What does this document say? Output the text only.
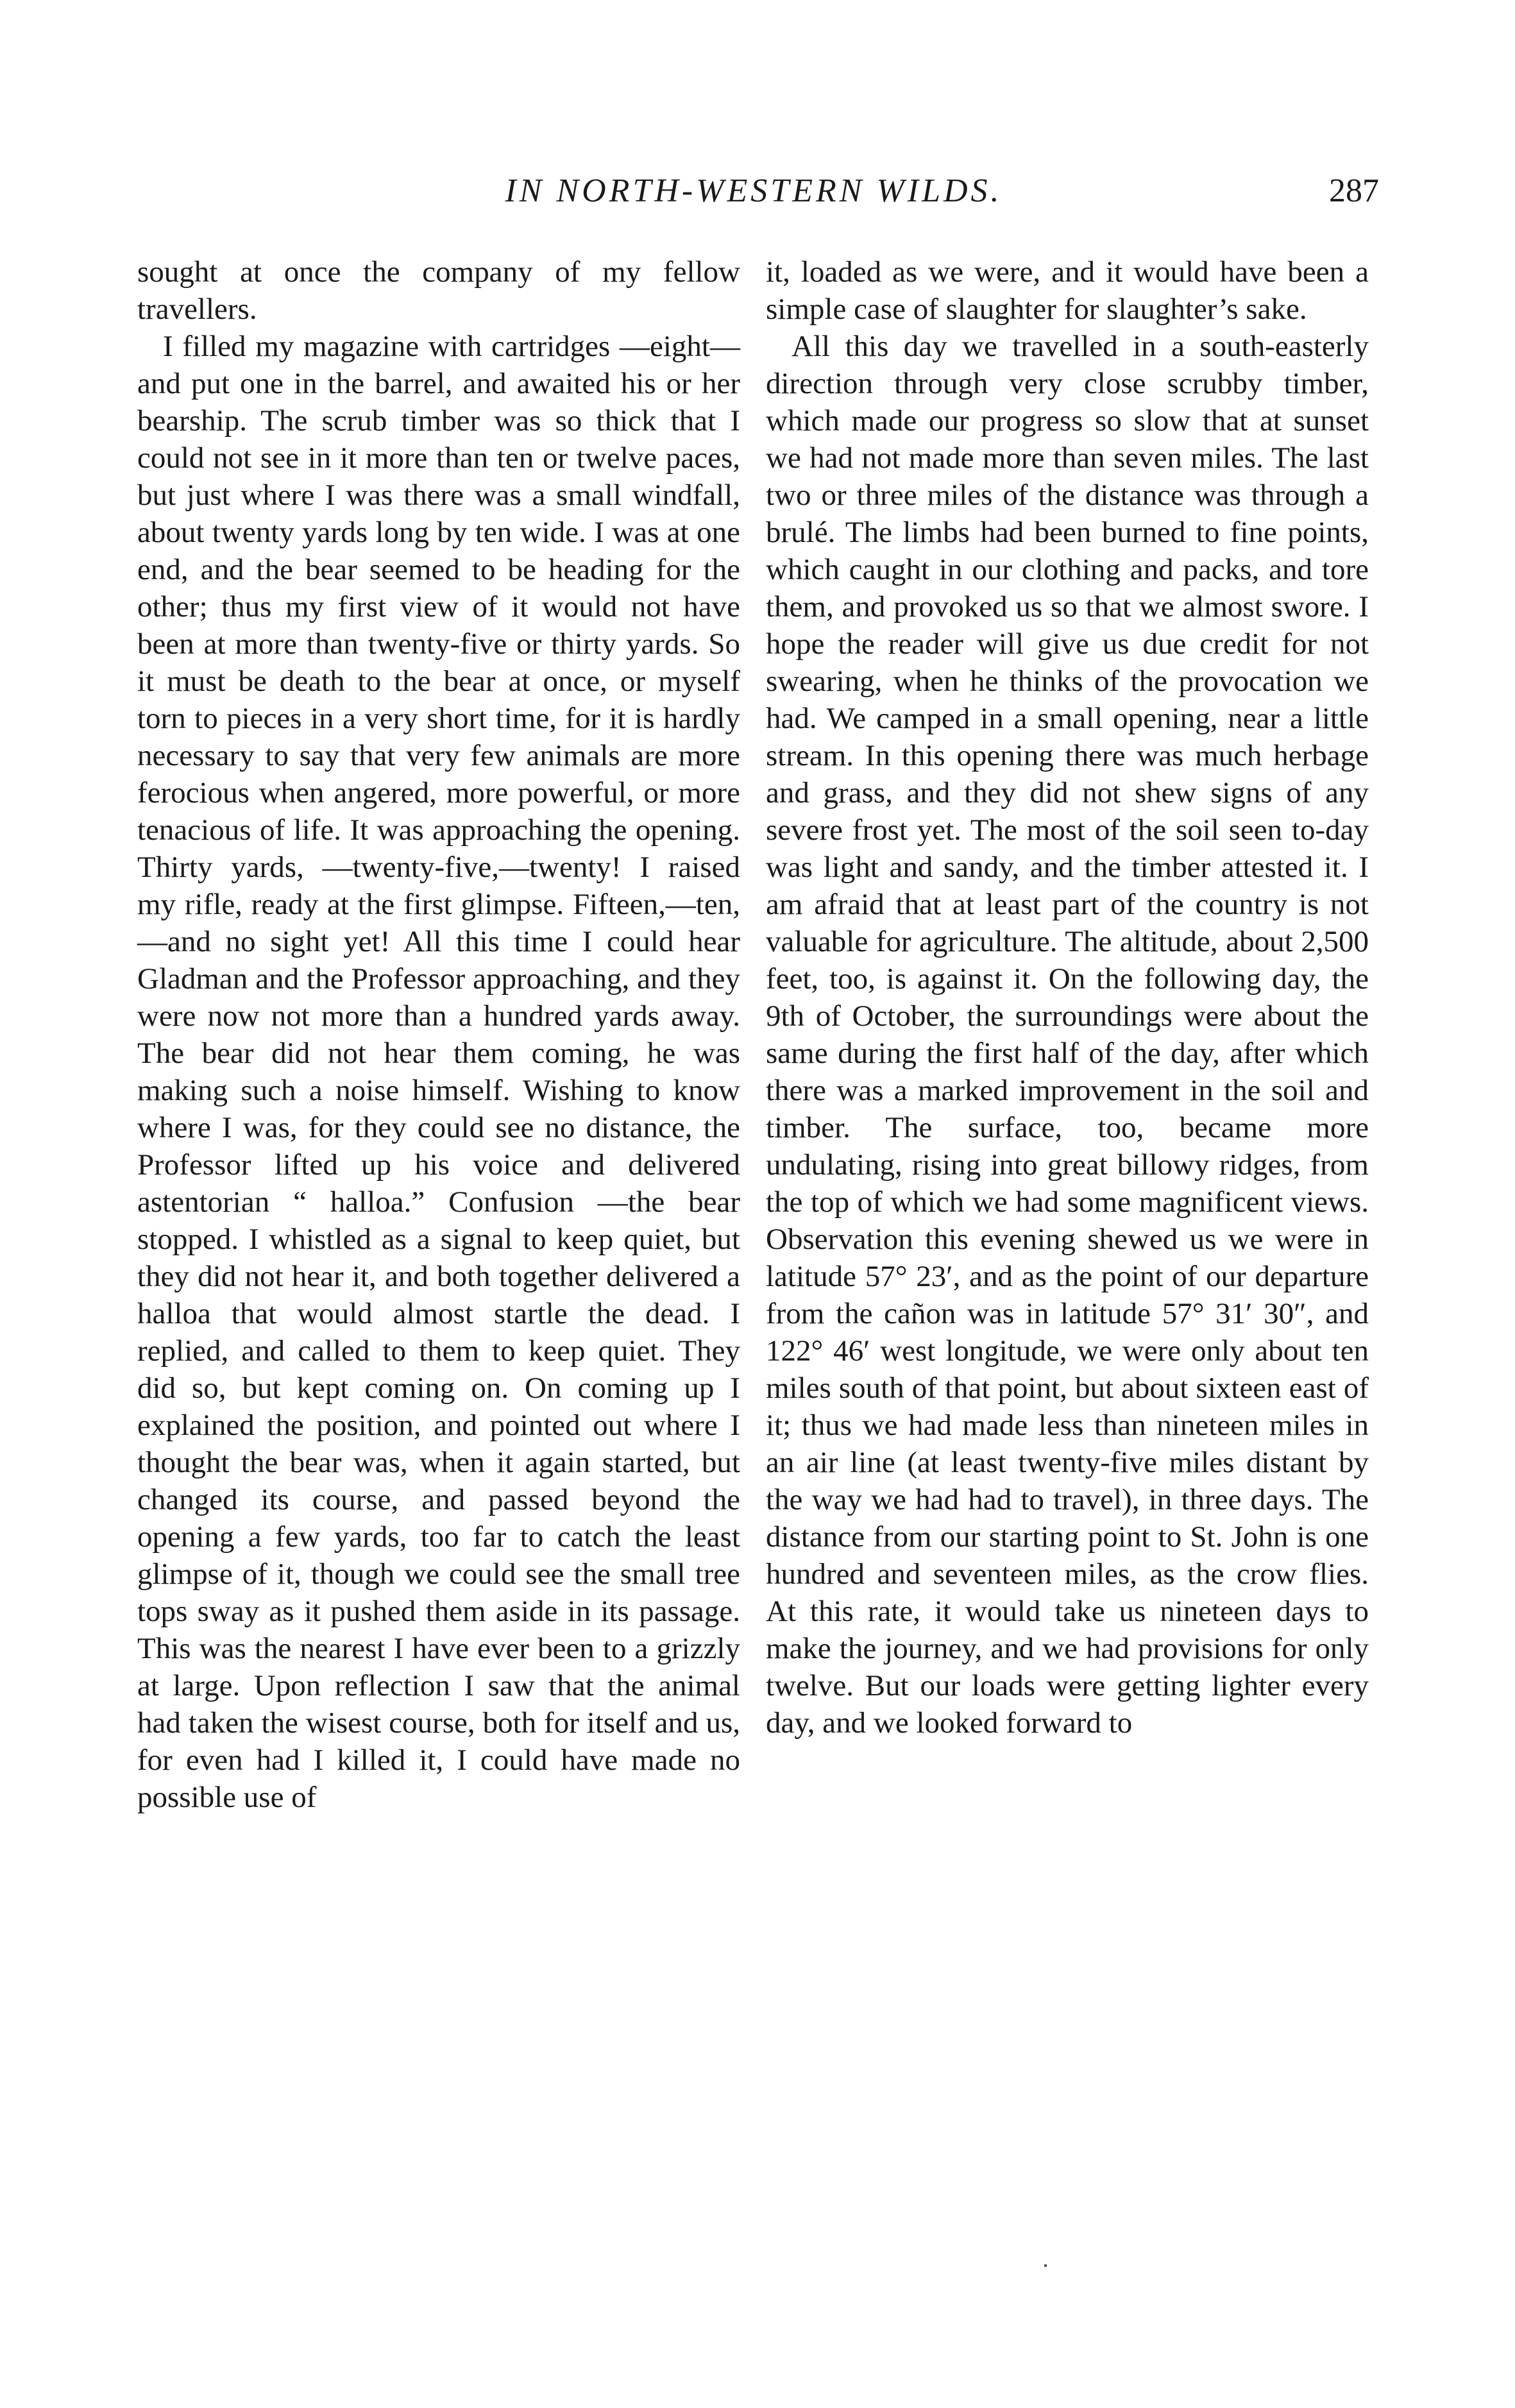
IN NORTH-WESTERN WILDS.	287

sought at once the company of my fellow travellers.

I filled my magazine with cartridges —eight—and put one in the barrel, and awaited his or her bearship. The scrub timber was so thick that I could not see in it more than ten or twelve paces, but just where I was there was a small windfall, about twenty yards long by ten wide. I was at one end, and the bear seemed to be heading for the other; thus my first view of it would not have been at more than twenty-five or thirty yards. So it must be death to the bear at once, or myself torn to pieces in a very short time, for it is hardly necessary to say that very few animals are more ferocious when angered, more powerful, or more tenacious of life. It was approaching the opening. Thirty yards, —twenty-five,—twenty! I raised my rifle, ready at the first glimpse. Fifteen,—ten,—and no sight yet! All this time I could hear Gladman and the Professor approaching, and they were now not more than a hundred yards away. The bear did not hear them coming, he was making such a noise himself. Wishing to know where I was, for they could see no distance, the Professor lifted up his voice and delivered astentorian “ halloa.” Confusion —the bear stopped. I whistled as a signal to keep quiet, but they did not hear it, and both together delivered a halloa that would almost startle the dead. I replied, and called to them to keep quiet. They did so, but kept coming on. On coming up I explained the position, and pointed out where I thought the bear was, when it again started, but changed its course, and passed beyond the opening a few yards, too far to catch the least glimpse of it, though we could see the small tree tops sway as it pushed them aside in its passage. This was the nearest I have ever been to a grizzly at large. Upon reflection I saw that the animal had taken the wisest course, both for itself and us, for even had I killed it, I could have made no possible use of

it, loaded as we were, and it would have been a simple case of slaughter for slaughter’s sake.

All this day we travelled in a south-easterly direction through very close scrubby timber, which made our progress so slow that at sunset we had not made more than seven miles. The last two or three miles of the distance was through a brulé. The limbs had been burned to fine points, which caught in our clothing and packs, and tore them, and provoked us so that we almost swore. I hope the reader will give us due credit for not swearing, when he thinks of the provocation we had. We camped in a small opening, near a little stream. In this opening there was much herbage and grass, and they did not shew signs of any severe frost yet. The most of the soil seen to-day was light and sandy, and the timber attested it. I am afraid that at least part of the country is not valuable for agriculture. The altitude, about 2,500 feet, too, is against it. On the following day, the 9th of October, the surroundings were about the same during the first half of the day, after which there was a marked improvement in the soil and timber. The surface, too, became more undulating, rising into great billowy ridges, from the top of which we had some magnificent views. Observation this evening shewed us we were in latitude 57° 23′, and as the point of our departure from the cañon was in latitude 57° 31′ 30″, and 122° 46′ west longitude, we were only about ten miles south of that point, but about sixteen east of it; thus we had made less than nineteen miles in an air line (at least twenty-five miles distant by the way we had had to travel), in three days. The distance from our starting point to St. John is one hundred and seventeen miles, as the crow flies. At this rate, it would take us nineteen days to make the journey, and we had provisions for only twelve. But our loads were getting lighter every day, and we looked forward to
